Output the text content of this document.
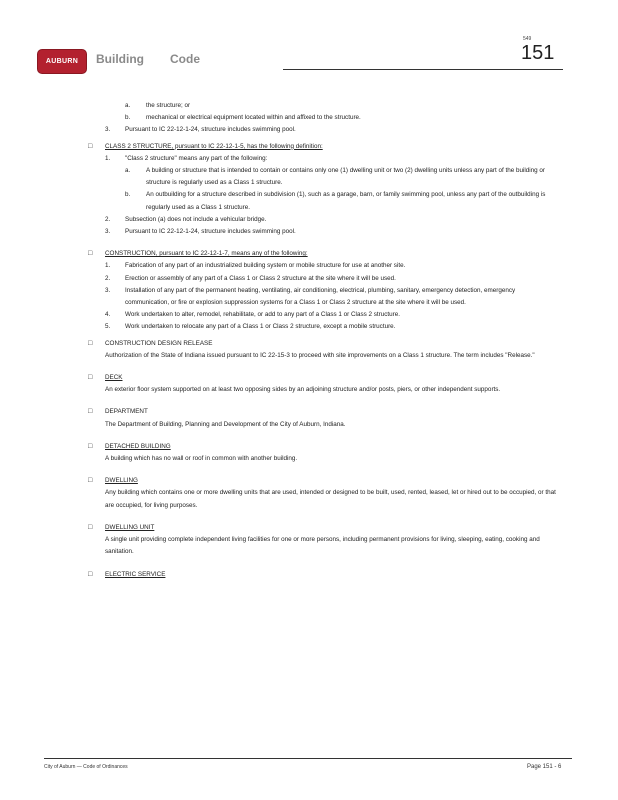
AUBURN Building Code
549
151
a. the structure; or
b. mechanical or electrical equipment located within and affixed to the structure.
3. Pursuant to IC 22-12-1-24, structure includes swimming pool.
□ CLASS 2 STRUCTURE, pursuant to IC 22-12-1-5, has the following definition:
1. "Class 2 structure" means any part of the following:
a. A building or structure that is intended to contain or contains only one (1) dwelling unit or two (2) dwelling units unless any part of the building or structure is regularly used as a Class 1 structure.
b. An outbuilding for a structure described in subdivision (1), such as a garage, barn, or family swimming pool, unless any part of the outbuilding is regularly used as a Class 1 structure.
2. Subsection (a) does not include a vehicular bridge.
3. Pursuant to IC 22-12-1-24, structure includes swimming pool.
□ CONSTRUCTION, pursuant to IC 22-12-1-7, means any of the following:
1. Fabrication of any part of an industrialized building system or mobile structure for use at another site.
2. Erection or assembly of any part of a Class 1 or Class 2 structure at the site where it will be used.
3. Installation of any part of the permanent heating, ventilating, air conditioning, electrical, plumbing, sanitary, emergency detection, emergency communication, or fire or explosion suppression systems for a Class 1 or Class 2 structure at the site where it will be used.
4. Work undertaken to alter, remodel, rehabilitate, or add to any part of a Class 1 or Class 2 structure.
5. Work undertaken to relocate any part of a Class 1 or Class 2 structure, except a mobile structure.
□ CONSTRUCTION DESIGN RELEASE
Authorization of the State of Indiana issued pursuant to IC 22-15-3 to proceed with site improvements on a Class 1 structure. The term includes "Release."
□ DECK
An exterior floor system supported on at least two opposing sides by an adjoining structure and/or posts, piers, or other independent supports.
□ DEPARTMENT
The Department of Building, Planning and Development of the City of Auburn, Indiana.
□ DETACHED BUILDING
A building which has no wall or roof in common with another building.
□ DWELLING
Any building which contains one or more dwelling units that are used, intended or designed to be built, used, rented, leased, let or hired out to be occupied, or that are occupied, for living purposes.
□ DWELLING UNIT
A single unit providing complete independent living facilities for one or more persons, including permanent provisions for living, sleeping, eating, cooking and sanitation.
□ ELECTRIC SERVICE
City of Auburn — Code of Ordinances	Page 151 - 6
